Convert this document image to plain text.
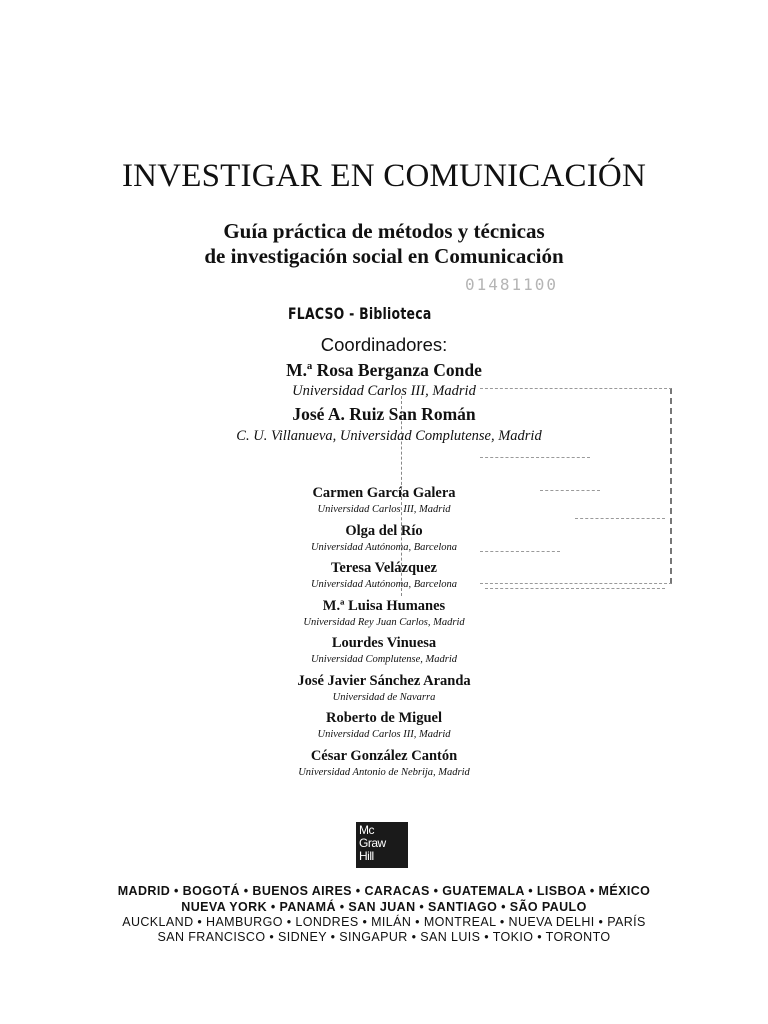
INVESTIGAR EN COMUNICACIÓN
Guía práctica de métodos y técnicas
de investigación social en Comunicación
01481100
FLACSO - Biblioteca
Coordinadores:
M.ª Rosa Berganza Conde
Universidad Carlos III, Madrid
José A. Ruiz San Román
C. U. Villanueva, Universidad Complutense, Madrid
Carmen García Galera
Universidad Carlos III, Madrid
Olga del Río
Universidad Autónoma, Barcelona
Teresa Velázquez
Universidad Autónoma, Barcelona
M.ª Luisa Humanes
Universidad Rey Juan Carlos, Madrid
Lourdes Vinuesa
Universidad Complutense, Madrid
José Javier Sánchez Aranda
Universidad de Navarra
Roberto de Miguel
Universidad Carlos III, Madrid
César González Cantón
Universidad Antonio de Nebrija, Madrid
Mc
Graw
Hill
MADRID • BOGOTÁ • BUENOS AIRES • CARACAS • GUATEMALA • LISBOA • MÉXICO
NUEVA YORK • PANAMÁ • SAN JUAN • SANTIAGO • SÃO PAULO
AUCKLAND • HAMBURGO • LONDRES • MILÁN • MONTREAL • NUEVA DELHI • PARÍS
SAN FRANCISCO • SIDNEY • SINGAPUR • SAN LUIS • TOKIO • TORONTO
